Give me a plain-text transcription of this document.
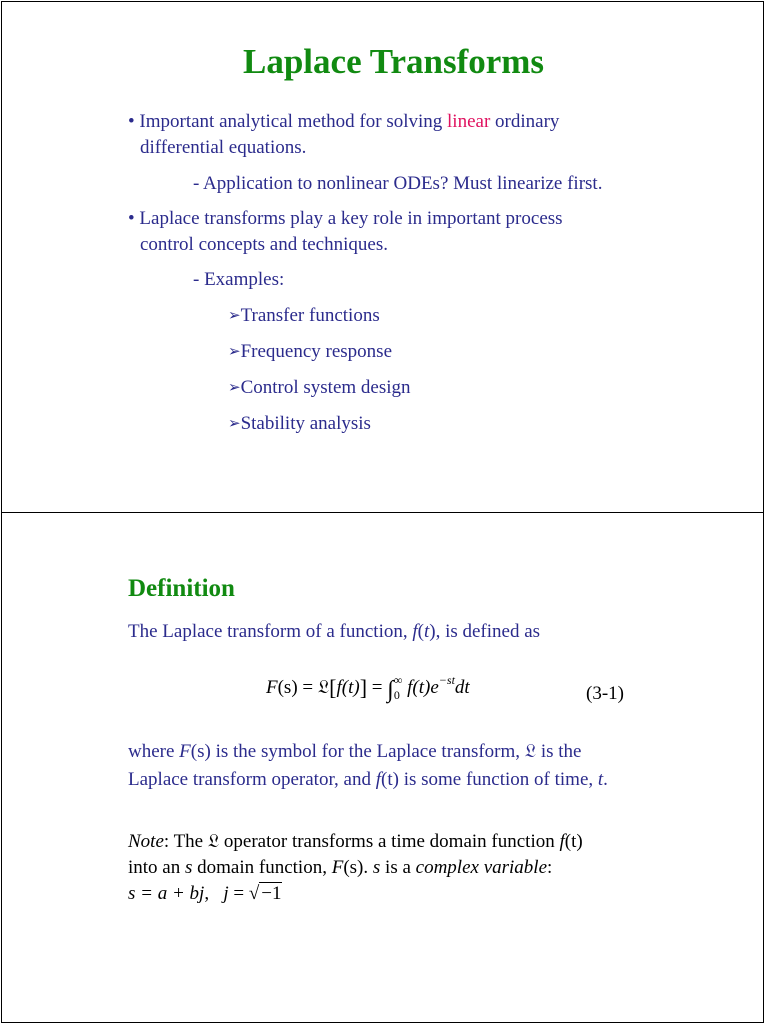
Laplace Transforms
• Important analytical method for solving linear ordinary
differential equations.
- Application to nonlinear ODEs? Must linearize first.
• Laplace transforms play a key role in important process
control concepts and techniques.
- Examples:
➢Transfer functions
➢Frequency response
➢Control system design
➢Stability analysis
Definition
The Laplace transform of a function, f(t), is defined as
F(s) = 𝔏[f(t)] = $\int_0^\infty$ $f(t)e^{-st}dt$	(3-1)
where F(s) is the symbol for the Laplace transform, 𝔏 is the
Laplace transform operator, and f(t) is some function of time, t.
Note: The 𝔏 operator transforms a time domain function f(t)
into an s domain function, F(s). s is a complex variable:
s = a + bj,   j = √ −1
